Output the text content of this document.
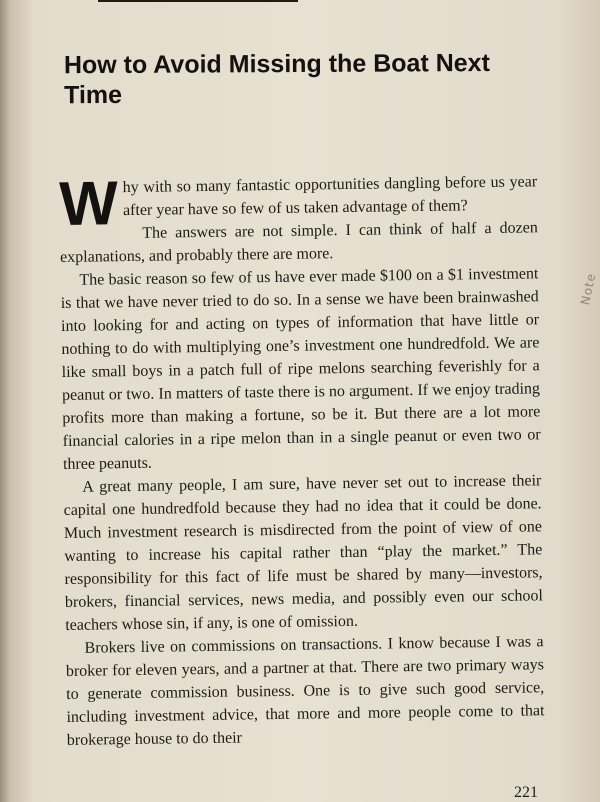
How to Avoid Missing the Boat Next Time

Why with so many fantastic opportunities dangling before us year after year have so few of us taken advantage of them?

The answers are not simple. I can think of half a dozen explanations, and probably there are more.

The basic reason so few of us have ever made $100 on a $1 investment is that we have never tried to do so. In a sense we have been brainwashed into looking for and acting on types of information that have little or nothing to do with multiplying one’s investment one hundredfold. We are like small boys in a patch full of ripe melons searching feverishly for a peanut or two. In matters of taste there is no argument. If we enjoy trading profits more than making a fortune, so be it. But there are a lot more financial calories in a ripe melon than in a single peanut or even two or three peanuts.

A great many people, I am sure, have never set out to increase their capital one hundredfold because they had no idea that it could be done. Much investment research is misdirected from the point of view of one wanting to increase his capital rather than “play the market.” The responsibility for this fact of life must be shared by many—investors, brokers, financial services, news media, and possibly even our school teachers whose sin, if any, is one of omission.

Brokers live on commissions on transactions. I know because I was a broker for eleven years, and a partner at that. There are two primary ways to generate commission business. One is to give such good service, including investment advice, that more and more people come to that brokerage house to do their

Note
221
